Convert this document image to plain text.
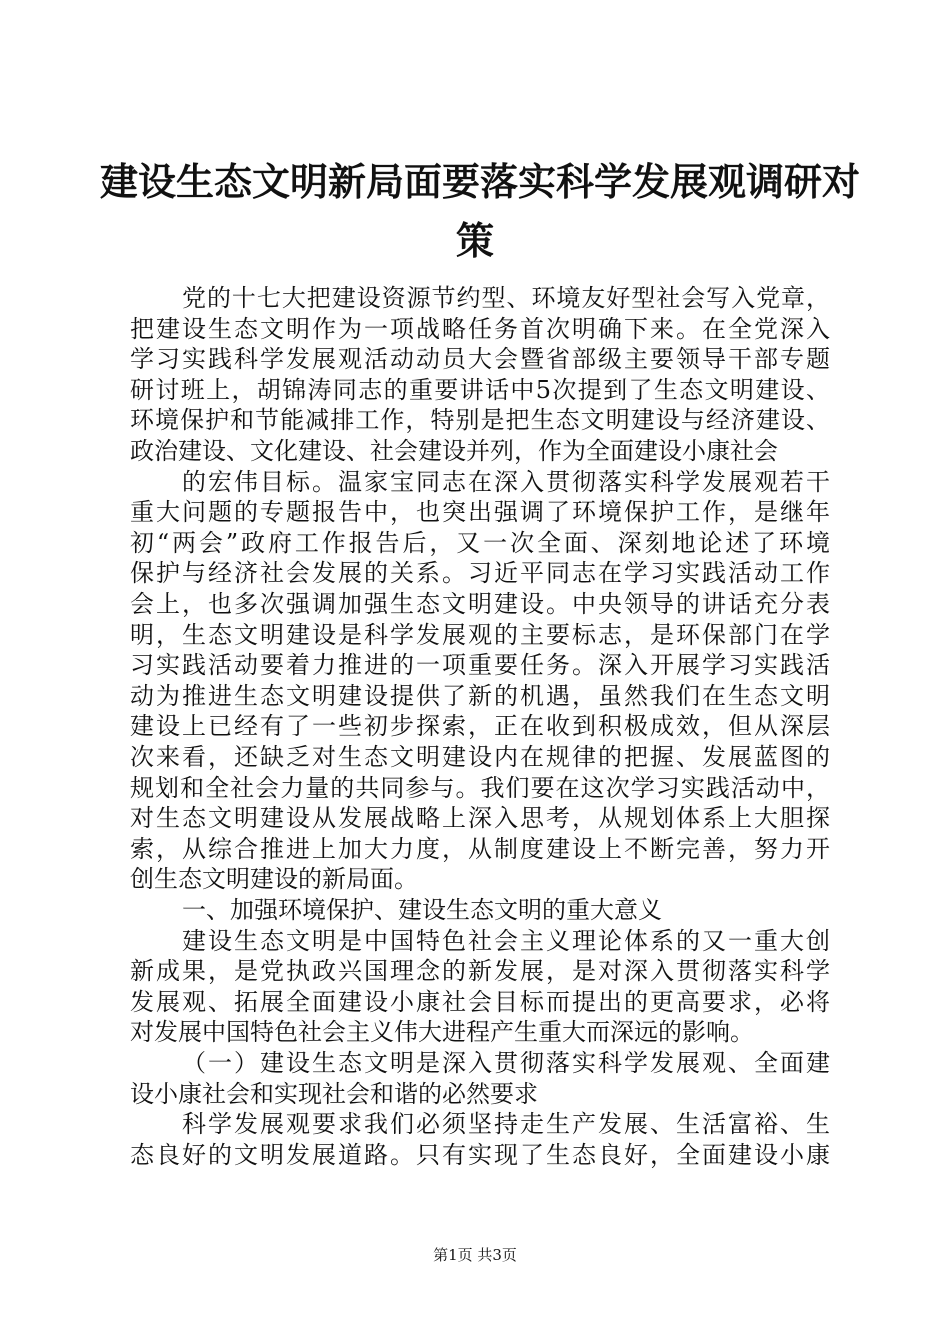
建设生态文明新局面要落实科学发展观调研对
策
党的十七大把建设资源节约型、环境友好型社会写入党章，
把建设生态文明作为一项战略任务首次明确下来。在全党深入
学习实践科学发展观活动动员大会暨省部级主要领导干部专题
研讨班上，胡锦涛同志的重要讲话中5次提到了生态文明建设、
环境保护和节能减排工作，特别是把生态文明建设与经济建设、
政治建设、文化建设、社会建设并列，作为全面建设小康社会
的宏伟目标。温家宝同志在深入贯彻落实科学发展观若干
重大问题的专题报告中，也突出强调了环境保护工作，是继年
初“两会”政府工作报告后，又一次全面、深刻地论述了环境
保护与经济社会发展的关系。习近平同志在学习实践活动工作
会上，也多次强调加强生态文明建设。中央领导的讲话充分表
明，生态文明建设是科学发展观的主要标志，是环保部门在学
习实践活动要着力推进的一项重要任务。深入开展学习实践活
动为推进生态文明建设提供了新的机遇，虽然我们在生态文明
建设上已经有了一些初步探索，正在收到积极成效，但从深层
次来看，还缺乏对生态文明建设内在规律的把握、发展蓝图的
规划和全社会力量的共同参与。我们要在这次学习实践活动中，
对生态文明建设从发展战略上深入思考，从规划体系上大胆探
索，从综合推进上加大力度，从制度建设上不断完善，努力开
创生态文明建设的新局面。
一、加强环境保护、建设生态文明的重大意义
建设生态文明是中国特色社会主义理论体系的又一重大创
新成果，是党执政兴国理念的新发展，是对深入贯彻落实科学
发展观、拓展全面建设小康社会目标而提出的更高要求，必将
对发展中国特色社会主义伟大进程产生重大而深远的影响。
（一）建设生态文明是深入贯彻落实科学发展观、全面建
设小康社会和实现社会和谐的必然要求
科学发展观要求我们必须坚持走生产发展、生活富裕、生
态良好的文明发展道路。只有实现了生态良好，全面建设小康
第1页 共3页
